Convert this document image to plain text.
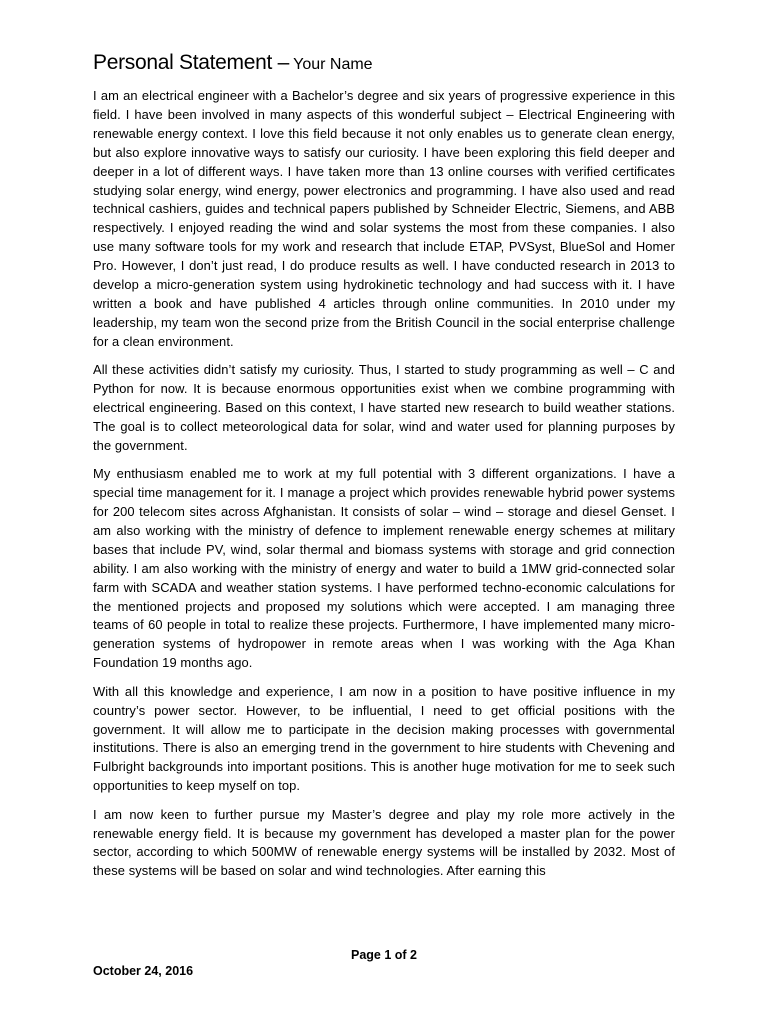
Personal Statement – Your Name

I am an electrical engineer with a Bachelor’s degree and six years of progressive experience in this field. I have been involved in many aspects of this wonderful subject – Electrical Engineering with renewable energy context. I love this field because it not only enables us to generate clean energy, but also explore innovative ways to satisfy our curiosity. I have been exploring this field deeper and deeper in a lot of different ways. I have taken more than 13 online courses with verified certificates studying solar energy, wind energy, power electronics and programming. I have also used and read technical cashiers, guides and technical papers published by Schneider Electric, Siemens, and ABB respectively. I enjoyed reading the wind and solar systems the most from these companies. I also use many software tools for my work and research that include ETAP, PVSyst, BlueSol and Homer Pro. However, I don’t just read, I do produce results as well. I have conducted research in 2013 to develop a micro-generation system using hydrokinetic technology and had success with it. I have written a book and have published 4 articles through online communities. In 2010 under my leadership, my team won the second prize from the British Council in the social enterprise challenge for a clean environment.

All these activities didn’t satisfy my curiosity. Thus, I started to study programming as well – C and Python for now. It is because enormous opportunities exist when we combine programming with electrical engineering. Based on this context, I have started new research to build weather stations. The goal is to collect meteorological data for solar, wind and water used for planning purposes by the government.

My enthusiasm enabled me to work at my full potential with 3 different organizations. I have a special time management for it. I manage a project which provides renewable hybrid power systems for 200 telecom sites across Afghanistan. It consists of solar – wind – storage and diesel Genset. I am also working with the ministry of defence to implement renewable energy schemes at military bases that include PV, wind, solar thermal and biomass systems with storage and grid connection ability. I am also working with the ministry of energy and water to build a 1MW grid-connected solar farm with SCADA and weather station systems. I have performed techno-economic calculations for the mentioned projects and proposed my solutions which were accepted. I am managing three teams of 60 people in total to realize these projects. Furthermore, I have implemented many micro-generation systems of hydropower in remote areas when I was working with the Aga Khan Foundation 19 months ago.

With all this knowledge and experience, I am now in a position to have positive influence in my country’s power sector. However, to be influential, I need to get official positions with the government. It will allow me to participate in the decision making processes with governmental institutions. There is also an emerging trend in the government to hire students with Chevening and Fulbright backgrounds into important positions. This is another huge motivation for me to seek such opportunities to keep myself on top.

I am now keen to further pursue my Master’s degree and play my role more actively in the renewable energy field. It is because my government has developed a master plan for the power sector, according to which 500MW of renewable energy systems will be installed by 2032. Most of these systems will be based on solar and wind technologies. After earning this

Page 1 of 2
October 24, 2016
